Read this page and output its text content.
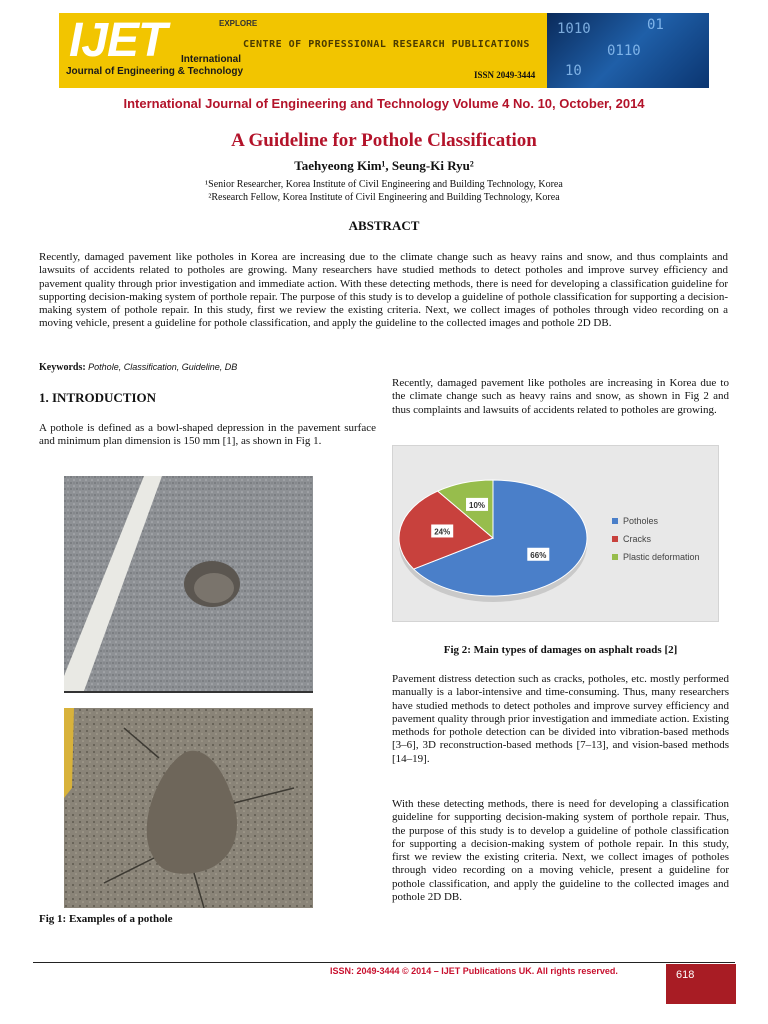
IJET	EXPLORE
International
Journal of Engineering & Technology
CENTRE OF PROFESSIONAL RESEARCH PUBLICATIONS
ISSN 2049-3444
1010
0110
01
10
International Journal of Engineering and Technology Volume 4 No. 10, October, 2014
A Guideline for Pothole Classification
Taehyeong Kim¹, Seung-Ki Ryu²
¹Senior Researcher, Korea Institute of Civil Engineering and Building Technology, Korea
²Research Fellow, Korea Institute of Civil Engineering and Building Technology, Korea
ABSTRACT
Recently, damaged pavement like potholes in Korea are increasing due to the climate change such as heavy rains and snow, and thus complaints and lawsuits of accidents related to potholes are growing. Many researchers have studied methods to detect potholes and improve survey efficiency and pavement quality through prior investigation and immediate action. With these detecting methods, there is need for developing a classification guideline for supporting decision-making system of porthole repair. The purpose of this study is to develop a guideline of pothole classification for supporting a decision-making system of pothole repair. In this study, first we review the existing criteria. Next, we collect images of potholes through video recording on a moving vehicle, present a guideline for pothole classification, and apply the guideline to the collected images and pothole 2D DB.
Keywords: Pothole, Classification, Guideline, DB
1. INTRODUCTION
A pothole is defined as a bowl-shaped depression in the pavement surface and minimum plan dimension is 150 mm [1], as shown in Fig 1.
Fig 1: Examples of a pothole
Recently, damaged pavement like potholes are increasing in Korea due to the climate change such as heavy rains and snow, as shown in Fig 2 and thus complaints and lawsuits of accidents related to potholes are growing.
66%
24%
10%
Potholes
Cracks
Plastic deformation
Fig 2: Main types of damages on asphalt roads [2]
Pavement distress detection such as cracks, potholes, etc. mostly performed manually is a labor-intensive and time-consuming. Thus, many researchers have studied methods to detect potholes and improve survey efficiency and pavement quality through prior investigation and immediate action. Existing methods for pothole detection can be divided into vibration-based methods [3–6], 3D reconstruction-based methods [7–13], and vision-based methods [14–19].
With these detecting methods, there is need for developing a classification guideline for supporting decision-making system of porthole repair. Thus, the purpose of this study is to develop a guideline of pothole classification for supporting a decision-making system of pothole repair. In this study, first we review the existing criteria. Next, we collect images of potholes through video recording on a moving vehicle, present a guideline for pothole classification, and apply the guideline to the collected images and pothole 2D DB.
ISSN: 2049-3444 © 2014 – IJET Publications UK. All rights reserved.	618
